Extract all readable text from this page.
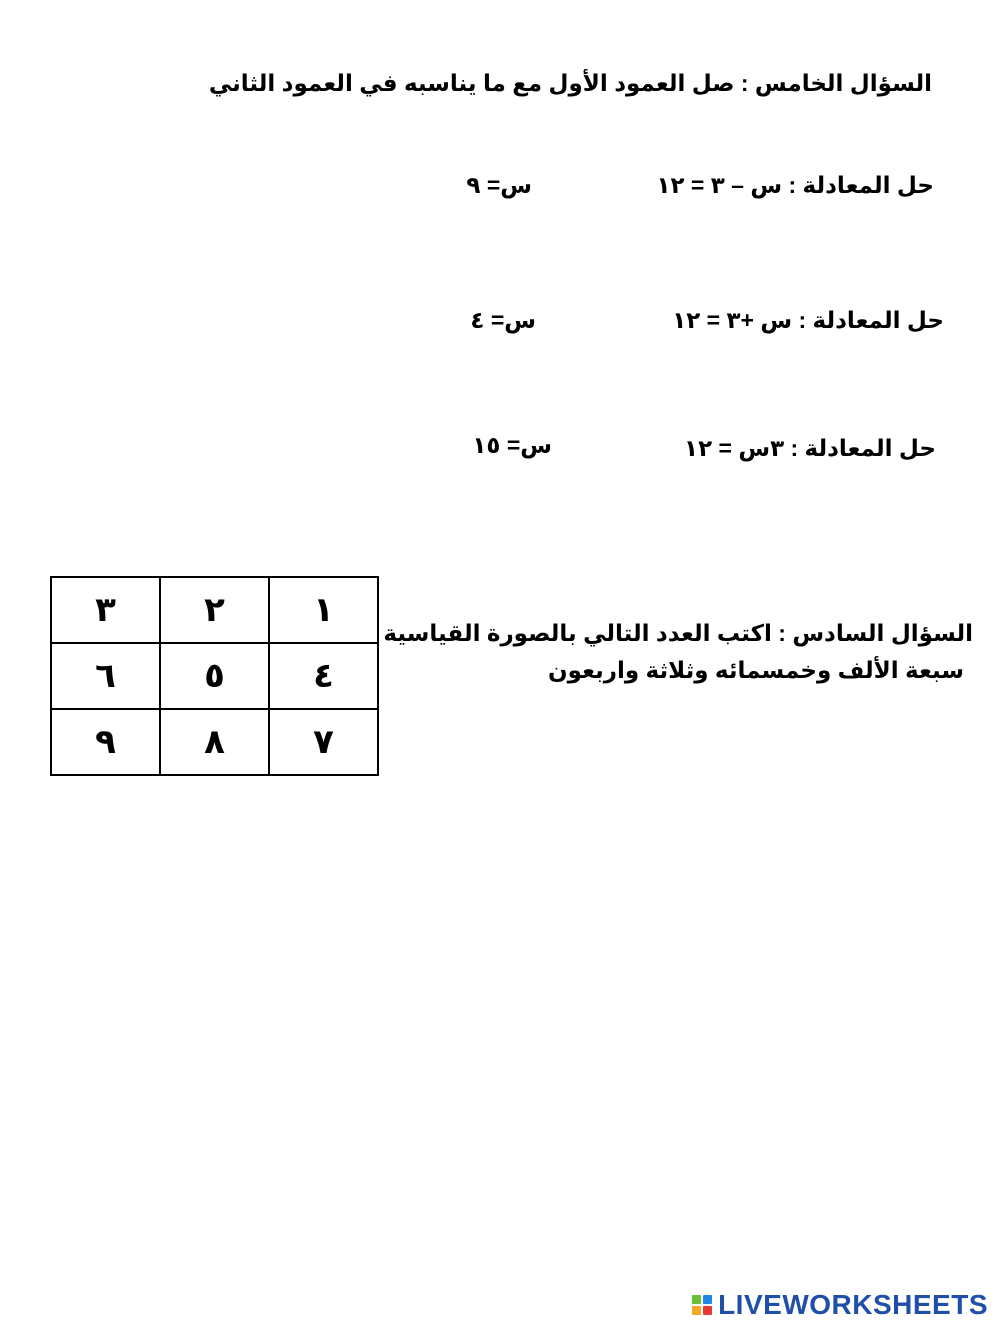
السؤال الخامس : صل العمود الأول مع ما يناسبه في العمود الثاني
حل المعادلة : س – ٣ = ١٢
س= ٩
حل المعادلة : س +٣ = ١٢
س= ٤
حل المعادلة : ٣س = ١٢
س= ١٥
السؤال السادس : اكتب العدد التالي بالصورة القياسية
سبعة الألف وخمسمائه وثلاثة واربعون
٣	٢	١
٦	٥	٤
٩	٨	٧
LIVEWORKSHEETS
